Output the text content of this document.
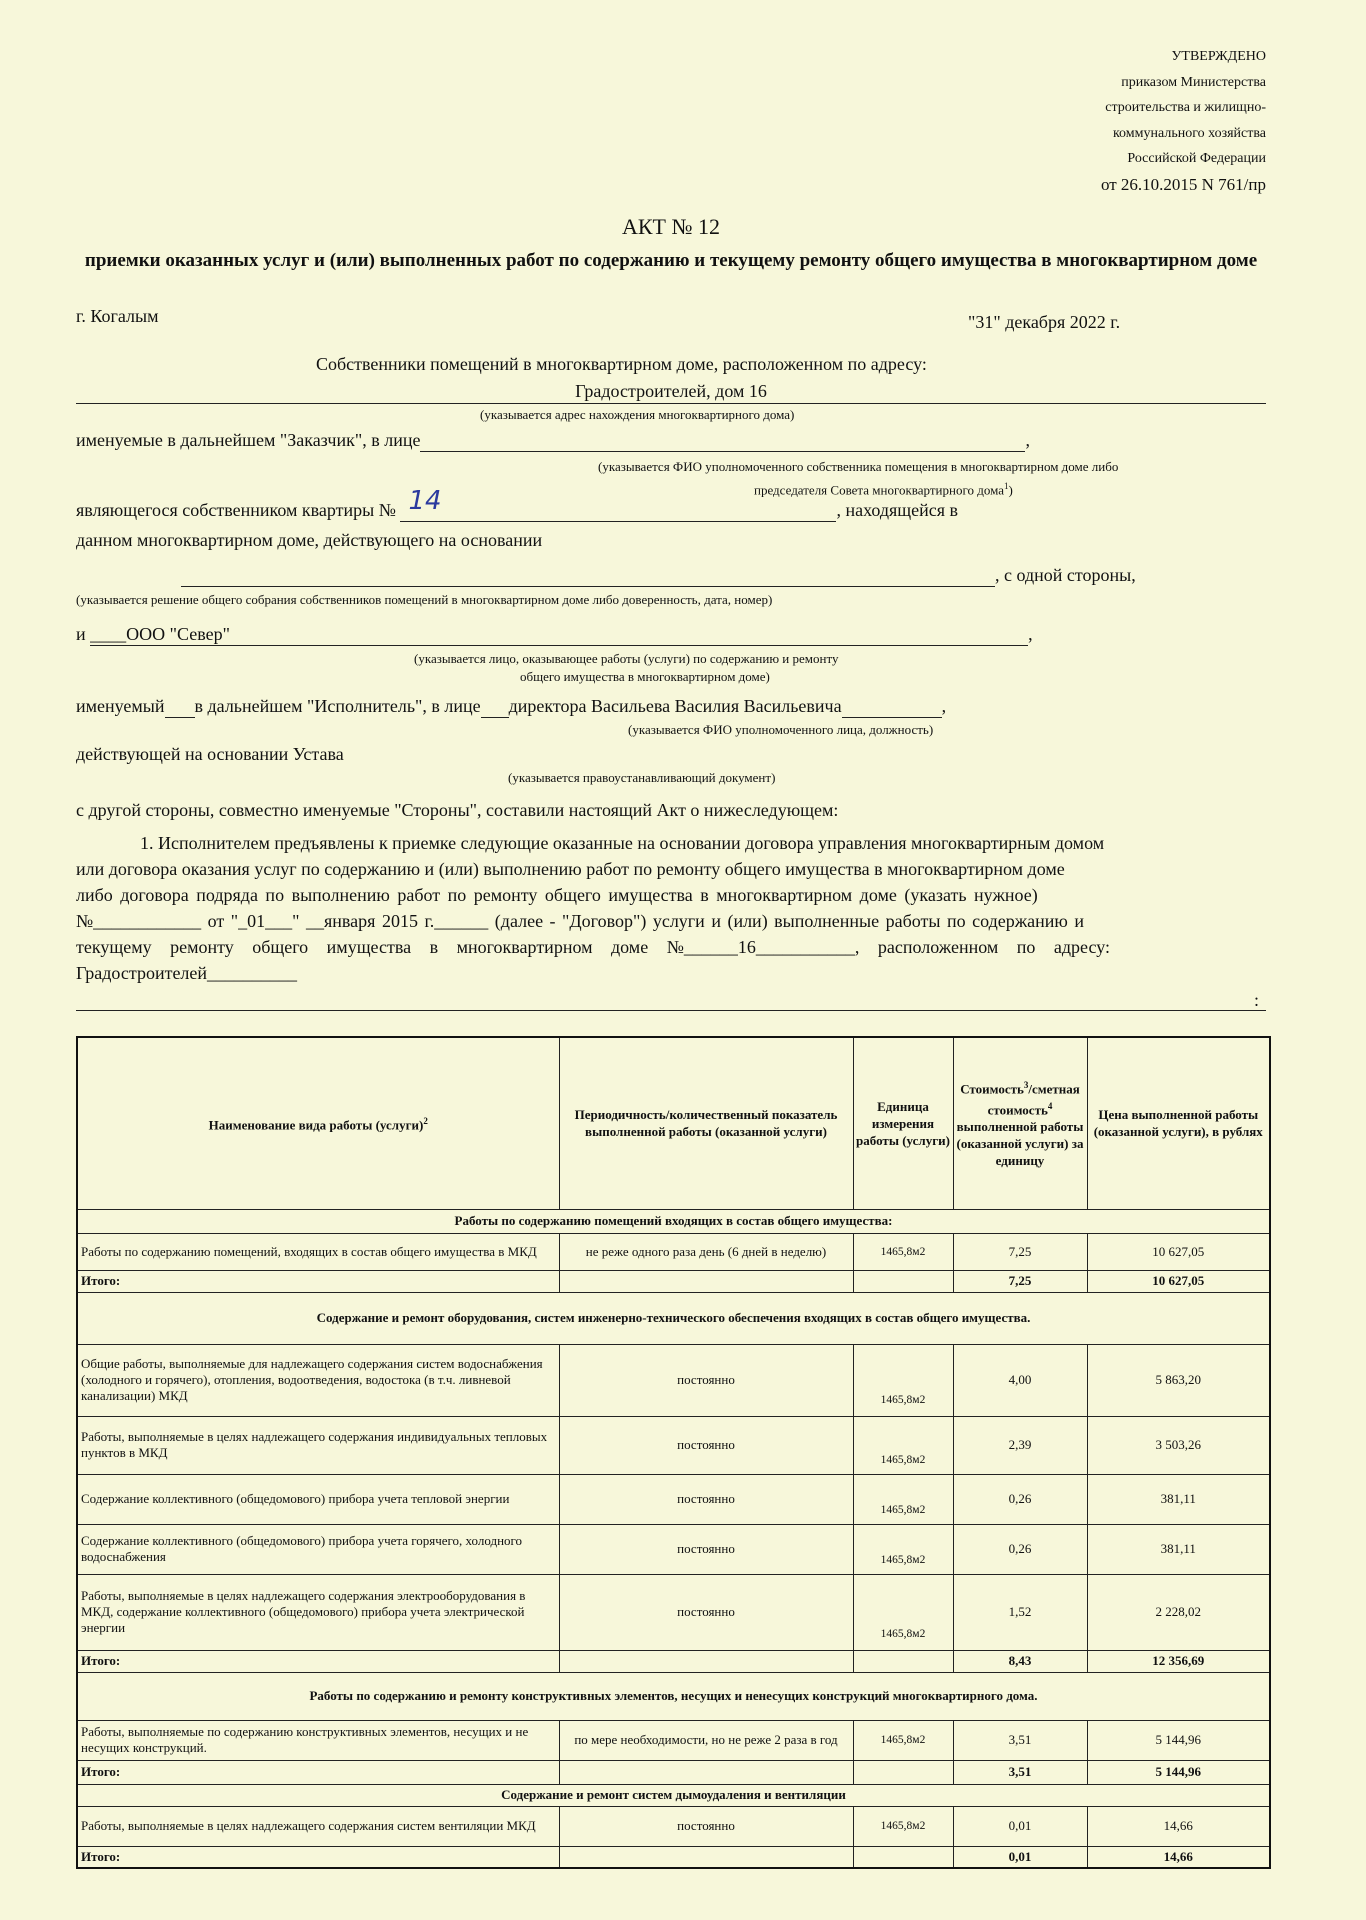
УТВЕРЖДЕНО
приказом Министерства
строительства и жилищно-
коммунального хозяйства
Российской Федерации
от 26.10.2015 N 761/пр
АКТ № 12
приемки оказанных услуг и (или) выполненных работ по содержанию и текущему ремонту общего имущества в многоквартирном доме
г. Когалым	"31" декабря 2022 г.
Собственники помещений в многоквартирном доме, расположенном по адресу:
Градостроителей, дом 16
(указывается адрес нахождения многоквартирного дома)
именуемые в дальнейшем "Заказчик", в лице	,
(указывается ФИО уполномоченного собственника помещения в многоквартирном доме либо
председателя Совета многоквартирного дома$^1$)
являющегося собственником квартиры № 14	, находящейся в
данном многоквартирном доме, действующего на основании
, с одной стороны,
(указывается решение общего собрания собственников помещений в многоквартирном доме либо доверенность, дата, номер)
и ____ООО "Север"	,
(указывается лицо, оказывающее работы (услуги) по содержанию и ремонту
общего имущества в многоквартирном доме)
именуемый в дальнейшем "Исполнитель", в лице директора Васильева Василия Васильевича	,
(указывается ФИО уполномоченного лица, должность)
действующей на основании Устава
(указывается правоустанавливающий документ)
с другой стороны, совместно именуемые "Стороны", составили настоящий Акт о нижеследующем:
1. Исполнителем предъявлены к приемке следующие оказанные на основании договора управления многоквартирным домом
или договора оказания услуг по содержанию и (или) выполнению работ по ремонту общего имущества в многоквартирном доме
либо договора подряда по выполнению работ по ремонту общего имущества в многоквартирном доме (указать нужное)
№____________ от "_01___" __января 2015 г.______ (далее - "Договор") услуги и (или) выполненные работы по содержанию и
текущему ремонту общего имущества в многоквартирном доме №______16___________, расположенном по адресу:
Градостроителей__________
:
Наименование вида работы (услуги)$^2$	Периодичность/количественный показатель выполненной работы (оказанной услуги)	Единица измерения работы (услуги)	Стоимость$^3$/сметная стоимость$^4$ выполненной работы (оказанной услуги) за единицу	Цена выполненной работы (оказанной услуги), в рублях
Работы по содержанию помещений входящих в состав общего имущества:				
Работы по содержанию помещений, входящих в состав общего имущества в МКД	не реже одного раза день (6 дней в неделю)	1465,8м2	7,25	10 627,05
Итого:			7,25	10 627,05
Содержание и ремонт оборудования, систем инженерно-технического обеспечения входящих в состав общего имущества.				
Общие работы, выполняемые для надлежащего содержания систем водоснабжения (холодного и горячего), отопления, водоотведения, водостока (в т.ч. ливневой канализации) МКД	постоянно	1465,8м2	4,00	5 863,20
Работы, выполняемые в целях надлежащего содержания индивидуальных тепловых пунктов в МКД	постоянно	1465,8м2	2,39	3 503,26
Содержание коллективного (общедомового) прибора учета тепловой энергии	постоянно	1465,8м2	0,26	381,11
Содержание коллективного (общедомового) прибора учета горячего, холодного водоснабжения	постоянно	1465,8м2	0,26	381,11
Работы, выполняемые в целях надлежащего содержания электрооборудования в МКД, содержание коллективного (общедомового) прибора учета электрической энергии	постоянно	1465,8м2	1,52	2 228,02
Итого:			8,43	12 356,69
Работы по содержанию и ремонту конструктивных элементов, несущих и ненесущих конструкций многоквартирного дома.				
Работы, выполняемые по содержанию конструктивных элементов, несущих и не несущих конструкций.	по мере необходимости, но не реже 2 раза в год	1465,8м2	3,51	5 144,96
Итого:			3,51	5 144,96
Содержание и ремонт систем дымоудаления и вентиляции				
Работы, выполняемые в целях надлежащего содержания систем вентиляции МКД	постоянно	1465,8м2	0,01	14,66
Итого:			0,01	14,66
